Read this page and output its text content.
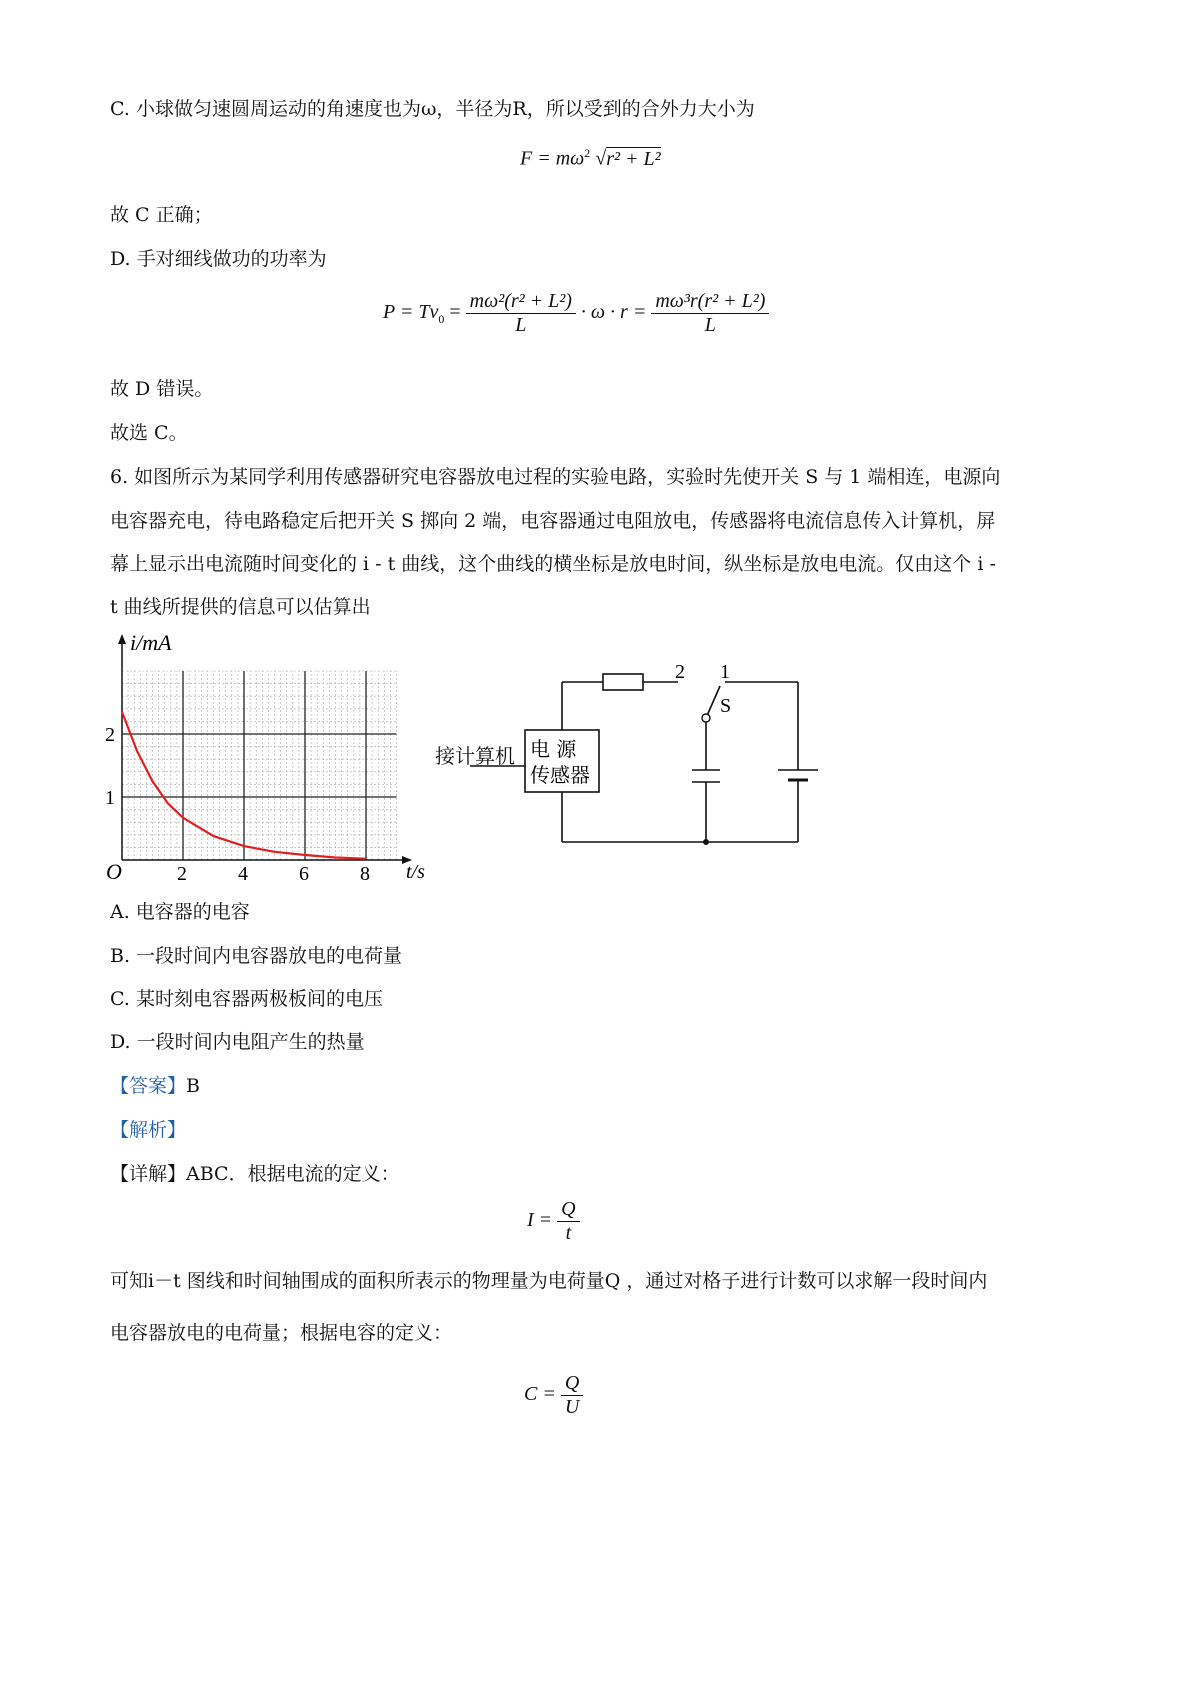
C. 小球做匀速圆周运动的角速度也为ω，半径为R，所以受到的合外力大小为
$F = m\omega^2$ √r² + L²
故 C 正确；
D. 手对细线做功的功率为
$P = Tv_0 = \frac{\text{mω²(r² + L²)}}{L} \cdot \omega \cdot r = \frac{\text{mω³r(r² + L²)}}{L}$
故 D 错误。
故选 C。
6. 如图所示为某同学利用传感器研究电容器放电过程的实验电路，实验时先使开关 S 与 1 端相连，电源向
电容器充电，待电路稳定后把开关 S 掷向 2 端，电容器通过电阻放电，传感器将电流信息传入计算机，屏
幕上显示出电流随时间变化的 i - t 曲线，这个曲线的横坐标是放电时间，纵坐标是放电电流。仅由这个 i -
t 曲线所提供的信息可以估算出
i/mA
t/s
O	2	4	6	8
1
2
2 1
S
电 源
传感器
接计算机
A. 电容器的电容
B. 一段时间内电容器放电的电荷量
C. 某时刻电容器两极板间的电压
D. 一段时间内电阻产生的热量
【答案】B
【解析】
【详解】ABC．根据电流的定义：
$I = \frac{Q}{t}$
可知i－t 图线和时间轴围成的面积所表示的物理量为电荷量Q ，通过对格子进行计数可以求解一段时间内
电容器放电的电荷量；根据电容的定义：
$C = \frac{Q}{U}$
